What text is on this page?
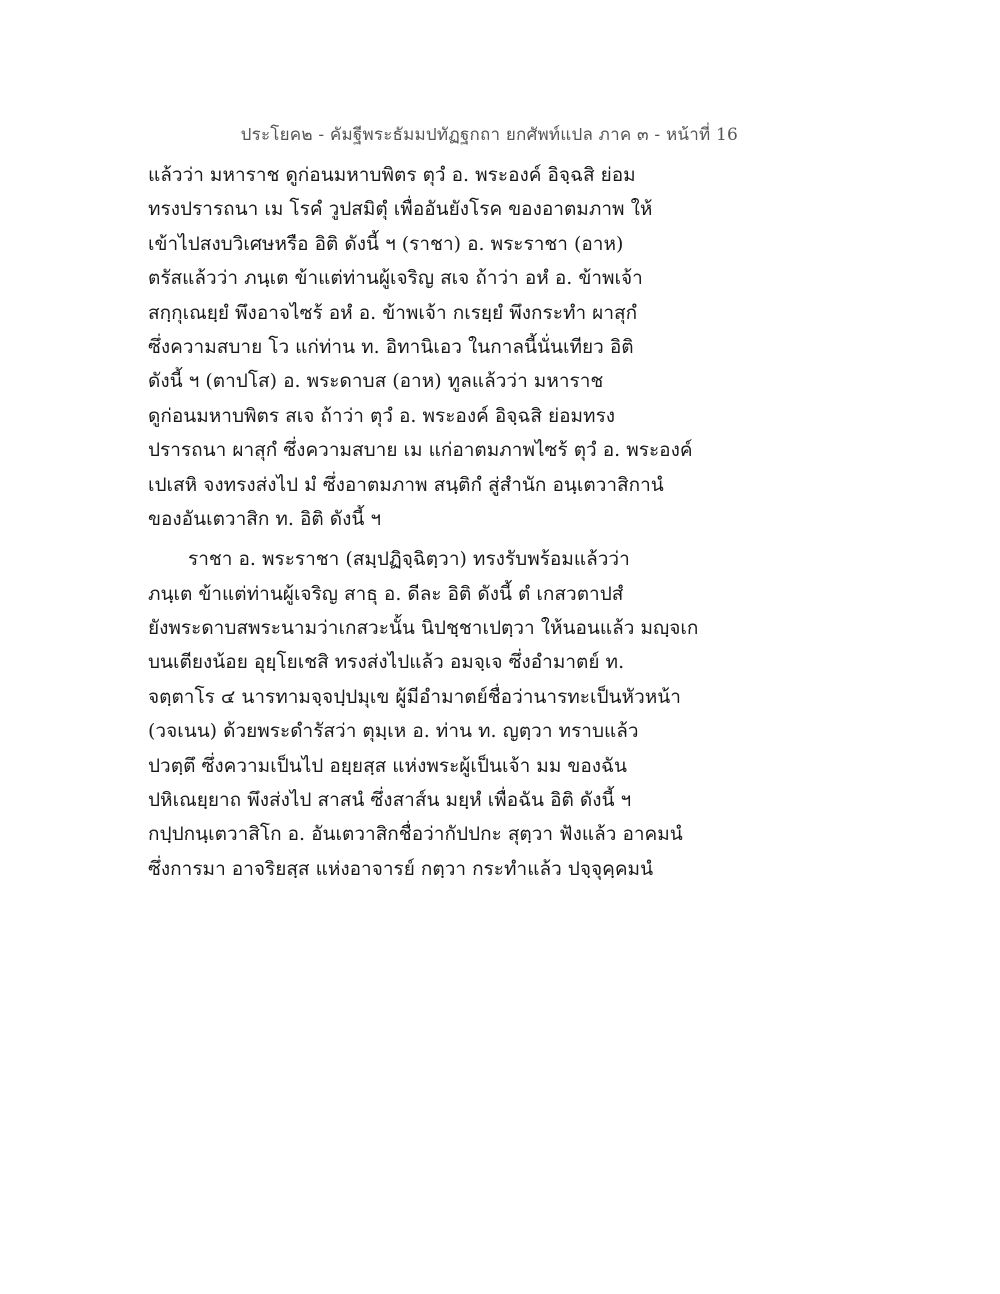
ประโยค๒ - คัมฐีพระธัมมปทัฏฐกถา ยกศัพท์แปล ภาค ๓ - หน้าที่ 16
แล้วว่า มหาราช ดูก่อนมหาบพิตร ตุวํ อ. พระองค์ อิจฺฉสิ ย่อม
ทรงปรารถนา เม โรคํ วูปสมิตุํ เพื่ออันยังโรค ของอาตมภาพ ให้
เข้าไปสงบวิเศษหรือ อิติ ดังนี้ ฯ (ราชา) อ. พระราชา (อาห)
ตรัสแล้วว่า ภนฺเต ข้าแต่ท่านผู้เจริญ สเจ ถ้าว่า อหํ อ. ข้าพเจ้า
สกฺกุเณยฺยํ พึงอาจไซร้ อหํ อ. ข้าพเจ้า กเรยฺยํ พึงกระทำ ผาสุกํ
ซึ่งความสบาย โว แก่ท่าน ท. อิทานิเอว ในกาลนี้นั่นเทียว อิติ
ดังนี้ ฯ (ตาปโส) อ. พระดาบส (อาห) ทูลแล้วว่า มหาราช
ดูก่อนมหาบพิตร สเจ ถ้าว่า ตุวํ อ. พระองค์ อิจฺฉสิ ย่อมทรง
ปรารถนา ผาสุกํ ซึ่งความสบาย เม แก่อาตมภาพไซร้ ตุวํ อ. พระองค์
เปเสหิ จงทรงส่งไป มํ ซึ่งอาตมภาพ สนฺติกํ สู่สำนัก อนฺเตวาสิกานํ
ของอันเตวาสิก ท. อิติ ดังนี้ ฯ
ราชา อ. พระราชา (สมฺปฏิจฺฉิตฺวา) ทรงรับพร้อมแล้วว่า
ภนฺเต ข้าแต่ท่านผู้เจริญ สาธุ อ. ดีละ อิติ ดังนี้ ตํ เกสวตาปสํ
ยังพระดาบสพระนามว่าเกสวะนั้น นิปชฺชาเปตฺวา ให้นอนแล้ว มญฺจเก
บนเตียงน้อย อุยฺโยเชสิ ทรงส่งไปแล้ว อมจฺเจ ซึ่งอำมาตย์ ท.
จตฺตาโร ๔ นารทามจฺจปฺปมุเข ผู้มีอำมาตย์ชื่อว่านารทะเป็นหัวหน้า
(วจเนน) ด้วยพระดำรัสว่า ตุมฺเห อ. ท่าน ท. ญตฺวา ทราบแล้ว
ปวตฺตึ ซึ่งความเป็นไป อยฺยสฺส แห่งพระผู้เป็นเจ้า มม ของฉัน
ปหิเณยฺยาถ พึงส่งไป สาสนํ ซึ่งสาส์น มยฺหํ เพื่อฉัน อิติ ดังนี้ ฯ
กปฺปกนฺเตวาสิโก อ. อันเตวาสิกชื่อว่ากัปปกะ สุตฺวา ฟังแล้ว อาคมนํ
ซึ่งการมา อาจริยสฺส แห่งอาจารย์ กตฺวา กระทำแล้ว ปจฺจุคฺคมนํ
